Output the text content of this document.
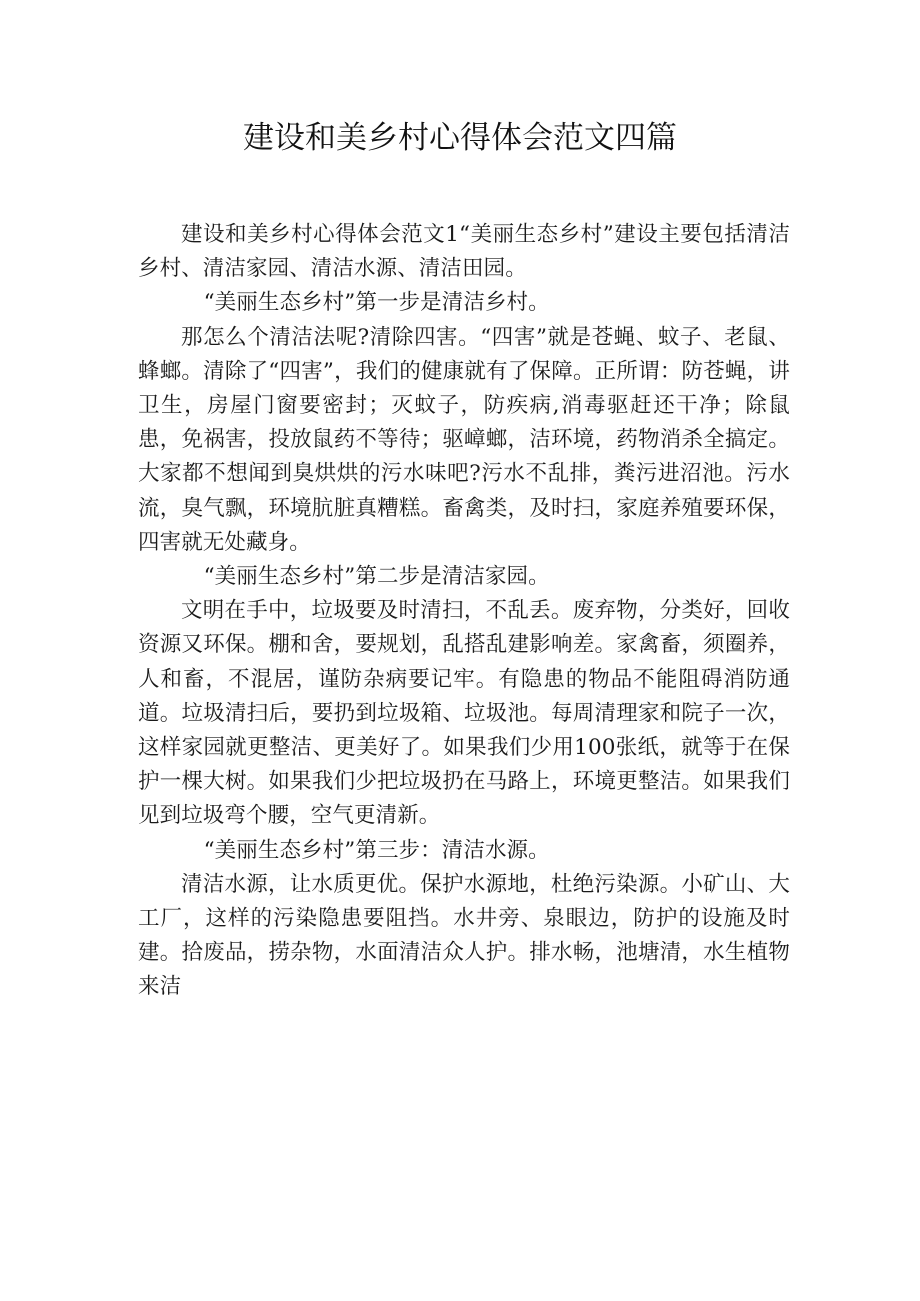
建设和美乡村心得体会范文四篇

建设和美乡村心得体会范文1“美丽生态乡村”建设主要包括清洁乡村、清洁家园、清洁水源、清洁田园。

“美丽生态乡村”第一步是清洁乡村。

那怎么个清洁法呢?清除四害。“四害”就是苍蝇、蚊子、老鼠、蜂螂。清除了“四害”，我们的健康就有了保障。正所谓：防苍蝇，讲卫生，房屋门窗要密封；灭蚊子，防疾病,消毒驱赶还干净；除鼠患，免祸害，投放鼠药不等待；驱嶂螂，洁环境，药物消杀全搞定。大家都不想闻到臭烘烘的污水味吧?污水不乱排，粪污进沼池。污水流，臭气飘，环境肮脏真糟糕。畜禽类，及时扫，家庭养殖要环保，四害就无处藏身。

“美丽生态乡村”第二步是清洁家园。

文明在手中，垃圾要及时清扫，不乱丢。废弃物，分类好，回收资源又环保。棚和舍，要规划，乱搭乱建影响差。家禽畜，须圈养，人和畜，不混居，谨防杂病要记牢。有隐患的物品不能阻碍消防通道。垃圾清扫后，要扔到垃圾箱、垃圾池。每周清理家和院子一次，这样家园就更整洁、更美好了。如果我们少用100张纸，就等于在保护一棵大树。如果我们少把垃圾扔在马路上，环境更整洁。如果我们见到垃圾弯个腰，空气更清新。

“美丽生态乡村”第三步：清洁水源。

清洁水源，让水质更优。保护水源地，杜绝污染源。小矿山、大工厂，这样的污染隐患要阻挡。水井旁、泉眼边，防护的设施及时建。拾废品，捞杂物，水面清洁众人护。排水畅，池塘清，水生植物来洁
